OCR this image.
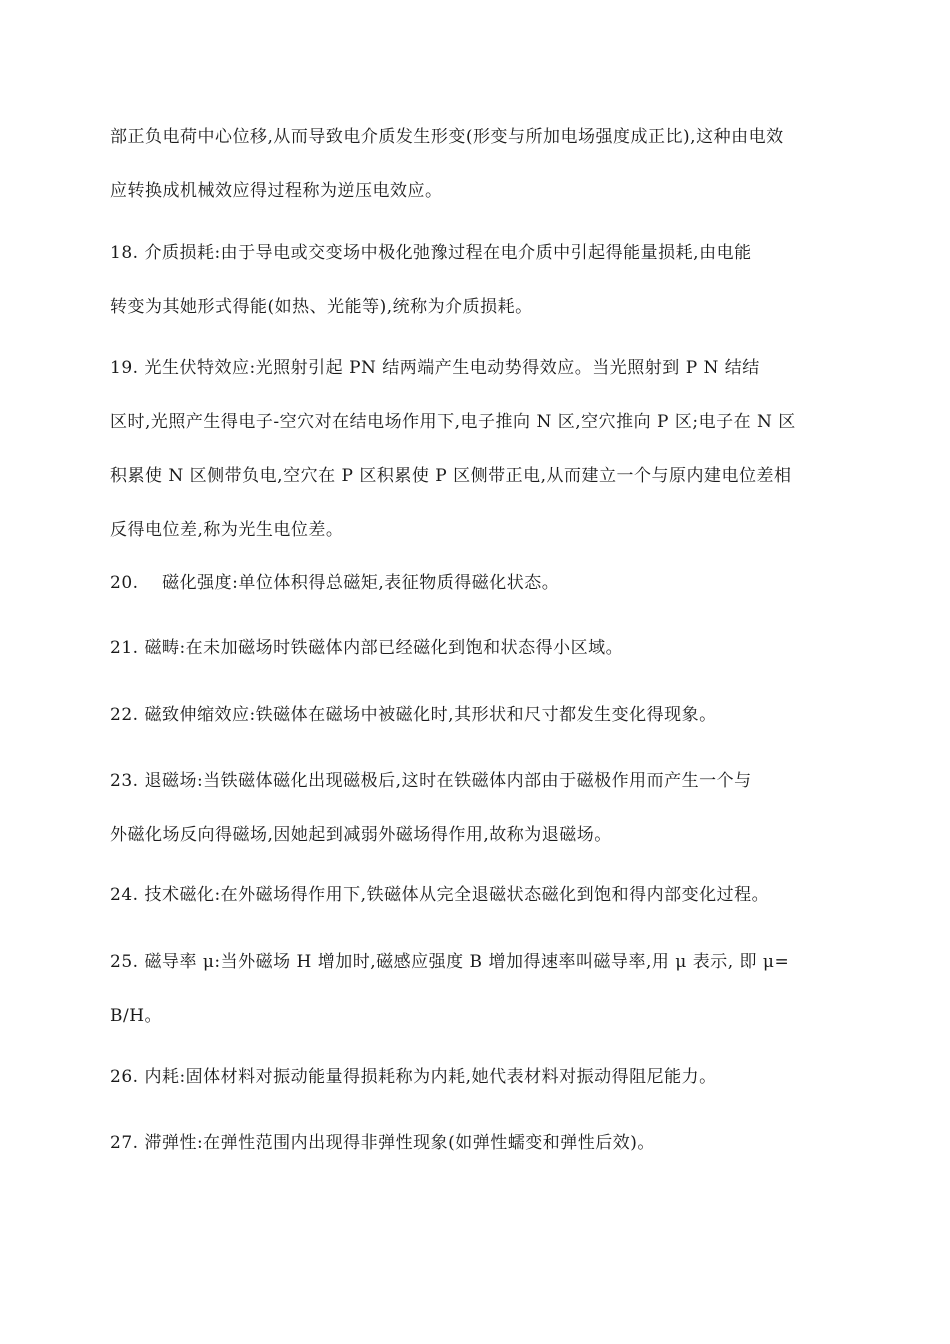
部正负电荷中心位移,从而导致电介质发生形变(形变与所加电场强度成正比),这种由电效

应转换成机械效应得过程称为逆压电效应。

18. 介质损耗:由于导电或交变场中极化弛豫过程在电介质中引起得能量损耗,由电能

转变为其她形式得能(如热、光能等),统称为介质损耗。

19. 光生伏特效应:光照射引起 PN 结两端产生电动势得效应。当光照射到 P N 结结

区时,光照产生得电子-空穴对在结电场作用下,电子推向 N 区,空穴推向 P 区;电子在 N 区

积累使 N 区侧带负电,空穴在 P 区积累使 P 区侧带正电,从而建立一个与原内建电位差相

反得电位差,称为光生电位差。

20.    磁化强度:单位体积得总磁矩,表征物质得磁化状态。

21. 磁畴:在未加磁场时铁磁体内部已经磁化到饱和状态得小区域。

22. 磁致伸缩效应:铁磁体在磁场中被磁化时,其形状和尺寸都发生变化得现象。

23. 退磁场:当铁磁体磁化出现磁极后,这时在铁磁体内部由于磁极作用而产生一个与

外磁化场反向得磁场,因她起到减弱外磁场得作用,故称为退磁场。

24. 技术磁化:在外磁场得作用下,铁磁体从完全退磁状态磁化到饱和得内部变化过程。

25. 磁导率 μ:当外磁场 H 增加时,磁感应强度 B 增加得速率叫磁导率,用 μ 表示, 即 μ=

B/H。

26. 内耗:固体材料对振动能量得损耗称为内耗,她代表材料对振动得阻尼能力。

27. 滞弹性:在弹性范围内出现得非弹性现象(如弹性蠕变和弹性后效)。
